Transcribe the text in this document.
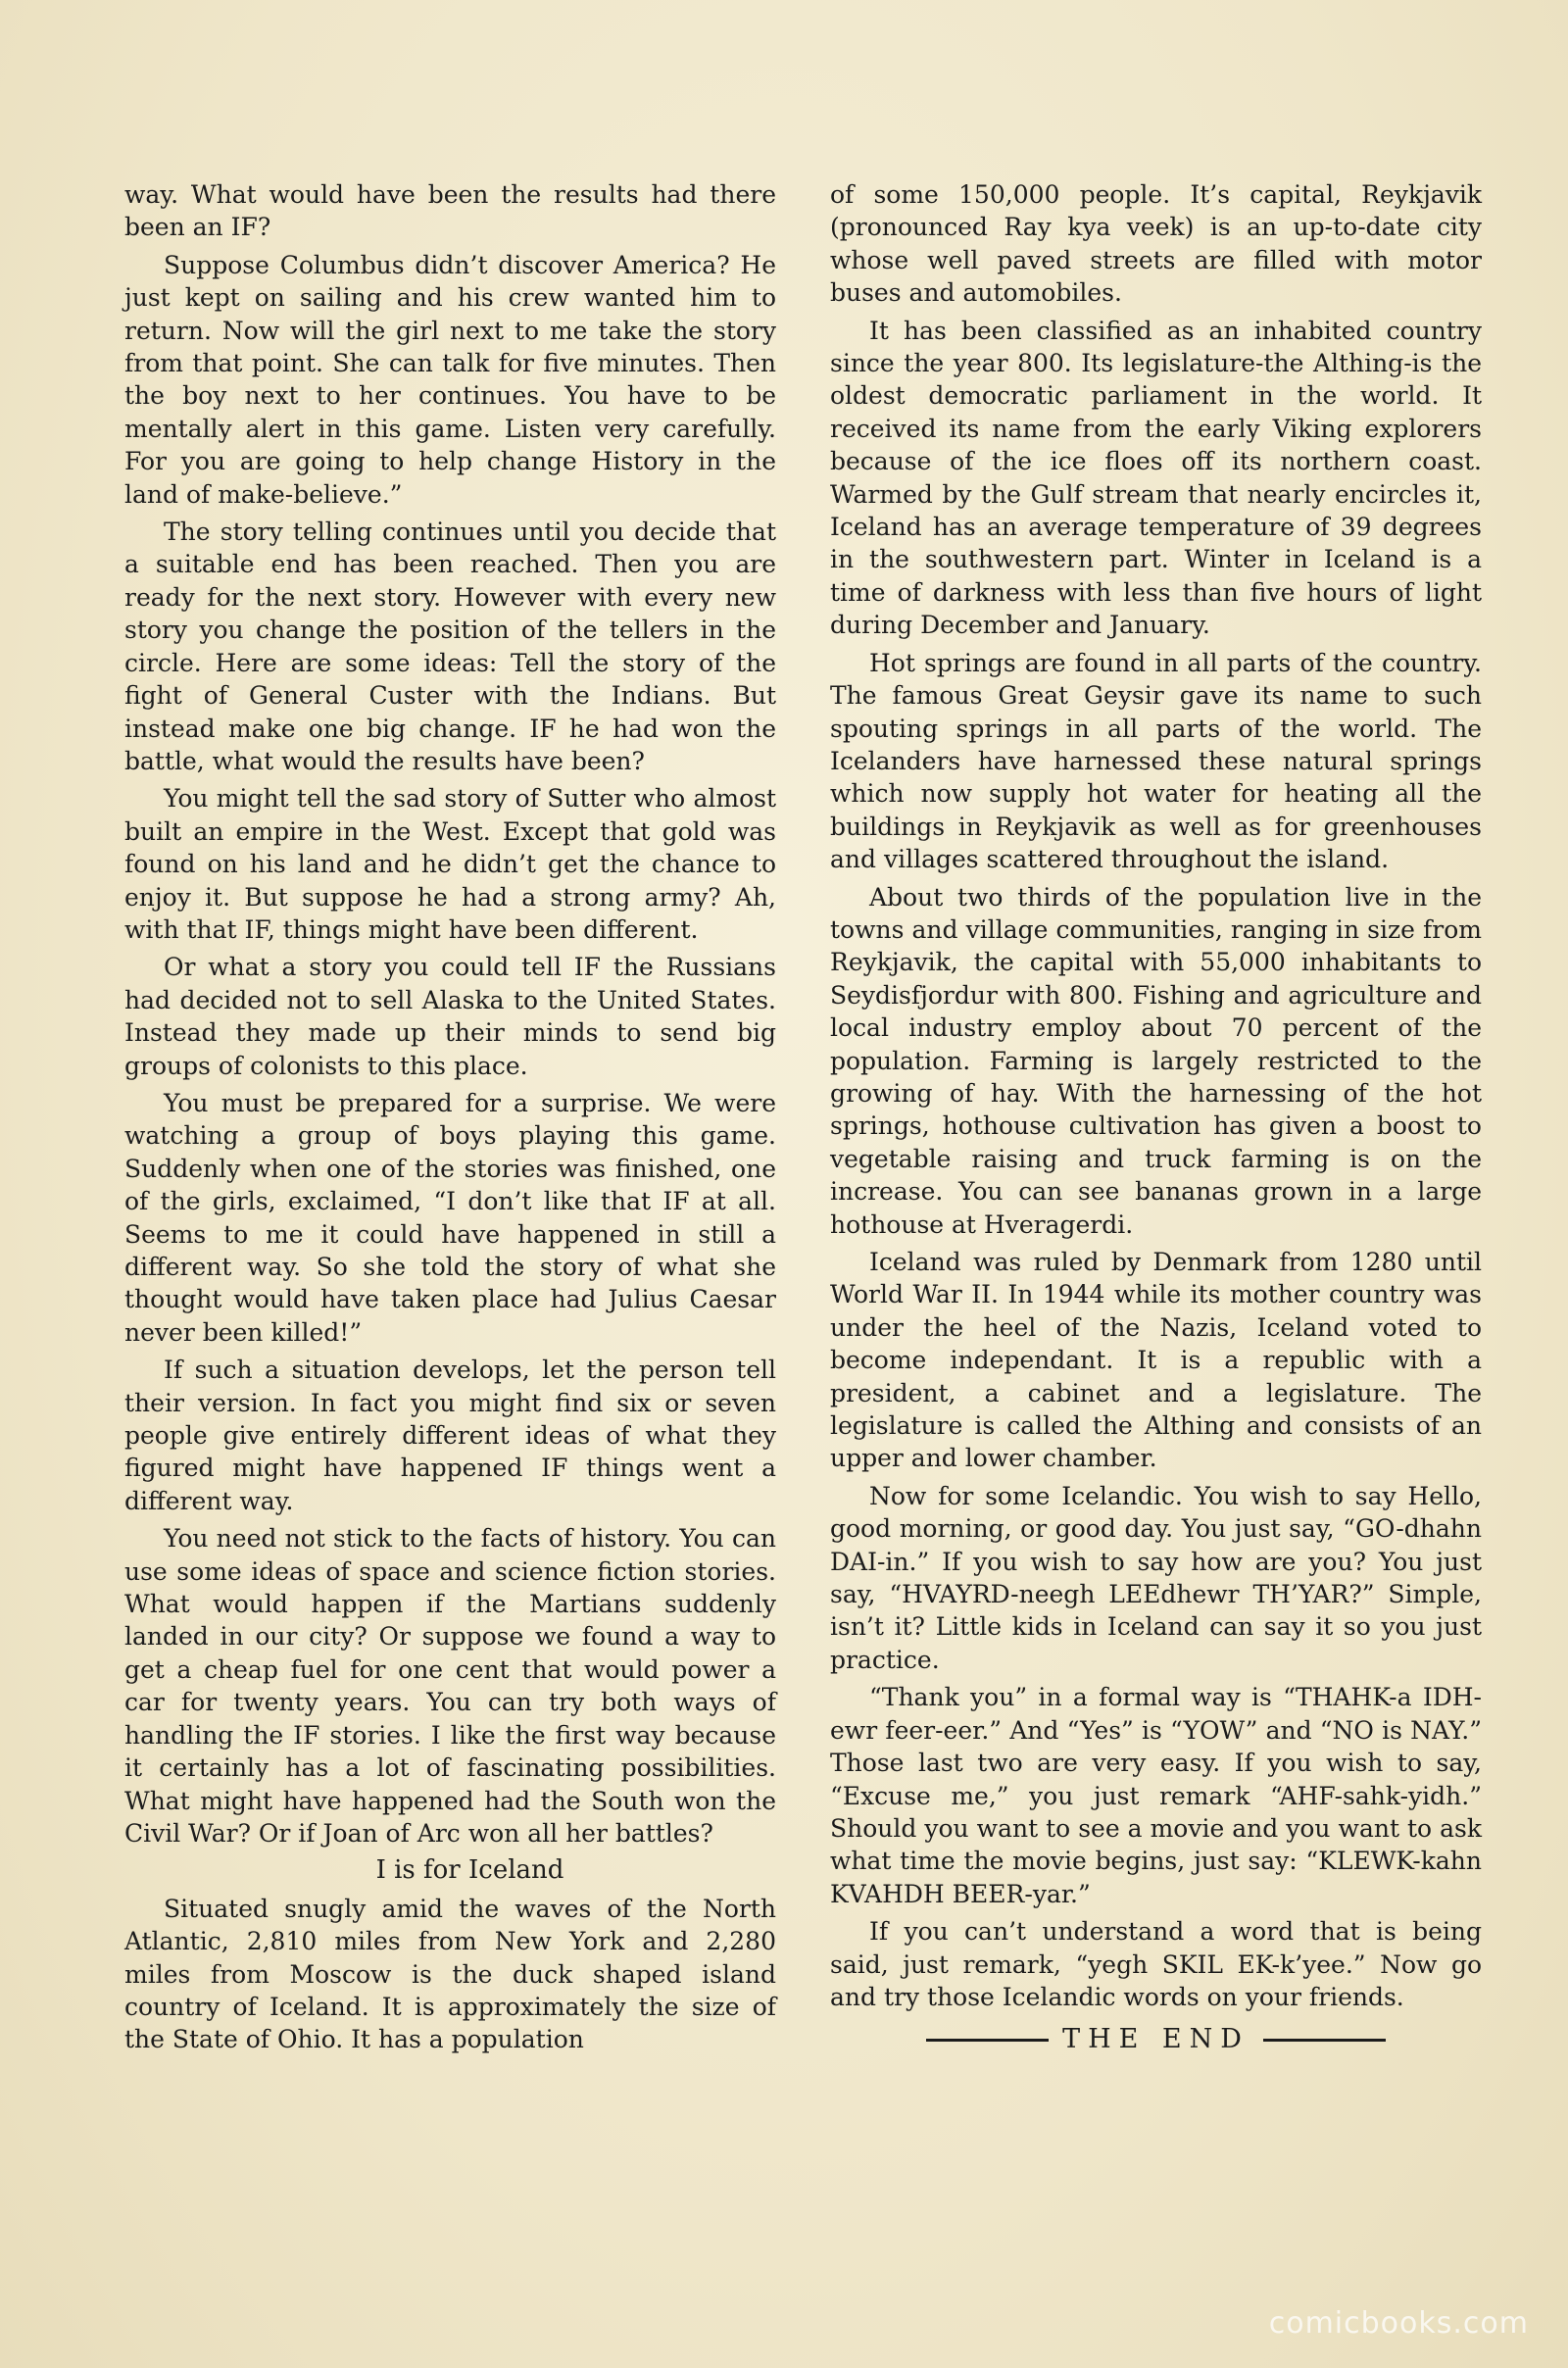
way. What would have been the results had there been an IF?

Suppose Columbus didn’t discover America? He just kept on sailing and his crew wanted him to return. Now will the girl next to me take the story from that point. She can talk for five minutes. Then the boy next to her continues. You have to be mentally alert in this game. Listen very carefully. For you are going to help change History in the land of make-believe.”

The story telling continues until you decide that a suitable end has been reached. Then you are ready for the next story. However with every new story you change the position of the tellers in the circle. Here are some ideas: Tell the story of the fight of General Custer with the Indians. But instead make one big change. IF he had won the battle, what would the results have been?

You might tell the sad story of Sutter who almost built an empire in the West. Except that gold was found on his land and he didn’t get the chance to enjoy it. But suppose he had a strong army? Ah, with that IF, things might have been different.

Or what a story you could tell IF the Russians had decided not to sell Alaska to the United States. Instead they made up their minds to send big groups of colonists to this place.

You must be prepared for a surprise. We were watching a group of boys playing this game. Suddenly when one of the stories was finished, one of the girls, exclaimed, “I don’t like that IF at all. Seems to me it could have happened in still a different way. So she told the story of what she thought would have taken place had Julius Caesar never been killed!”

If such a situation develops, let the person tell their version. In fact you might find six or seven people give entirely different ideas of what they figured might have happened IF things went a different way.

You need not stick to the facts of history. You can use some ideas of space and science fiction stories. What would happen if the Martians suddenly landed in our city? Or suppose we found a way to get a cheap fuel for one cent that would power a car for twenty years. You can try both ways of handling the IF stories. I like the first way because it certainly has a lot of fascinating possibilities. What might have happened had the South won the Civil War? Or if Joan of Arc won all her battles?

I is for Iceland

Situated snugly amid the waves of the North Atlantic, 2,810 miles from New York and 2,280 miles from Moscow is the duck shaped island country of Iceland. It is approximately the size of the State of Ohio. It has a population

of some 150,000 people. It’s capital, Reykjavik (pronounced Ray kya veek) is an up-to-date city whose well paved streets are filled with motor buses and automobiles.

It has been classified as an inhabited country since the year 800. Its legislature-the Althing-is the oldest democratic parliament in the world. It received its name from the early Viking explorers because of the ice floes off its northern coast. Warmed by the Gulf stream that nearly encircles it, Iceland has an average temperature of 39 degrees in the southwestern part. Winter in Iceland is a time of darkness with less than five hours of light during December and January.

Hot springs are found in all parts of the country. The famous Great Geysir gave its name to such spouting springs in all parts of the world. The Icelanders have harnessed these natural springs which now supply hot water for heating all the buildings in Reykjavik as well as for greenhouses and villages scattered throughout the island.

About two thirds of the population live in the towns and village communities, ranging in size from Reykjavik, the capital with 55,000 inhabitants to Seydisfjordur with 800. Fishing and agriculture and local industry employ about 70 percent of the population. Farming is largely restricted to the growing of hay. With the harnessing of the hot springs, hothouse cultivation has given a boost to vegetable raising and truck farming is on the increase. You can see bananas grown in a large hothouse at Hveragerdi.

Iceland was ruled by Denmark from 1280 until World War II. In 1944 while its mother country was under the heel of the Nazis, Iceland voted to become independant. It is a republic with a president, a cabinet and a legislature. The legislature is called the Althing and consists of an upper and lower chamber.

Now for some Icelandic. You wish to say Hello, good morning, or good day. You just say, “GO-dhahn DAI-in.” If you wish to say how are you? You just say, “HVAYRD-neegh LEEdhewr TH’YAR?” Simple, isn’t it? Little kids in Iceland can say it so you just practice.

“Thank you” in a formal way is “THAHK-a IDH-ewr feer-eer.” And “Yes” is “YOW” and “NO is NAY.” Those last two are very easy. If you wish to say, “Excuse me,” you just remark “AHF-sahk-yidh.” Should you want to see a movie and you want to ask what time the movie begins, just say: “KLEWK-kahn KVAHDH BEER-yar.”

If you can’t understand a word that is being said, just remark, “yegh SKIL EK-k’yee.” Now go and try those Icelandic words on your friends.

THE END
comicbooks.com
